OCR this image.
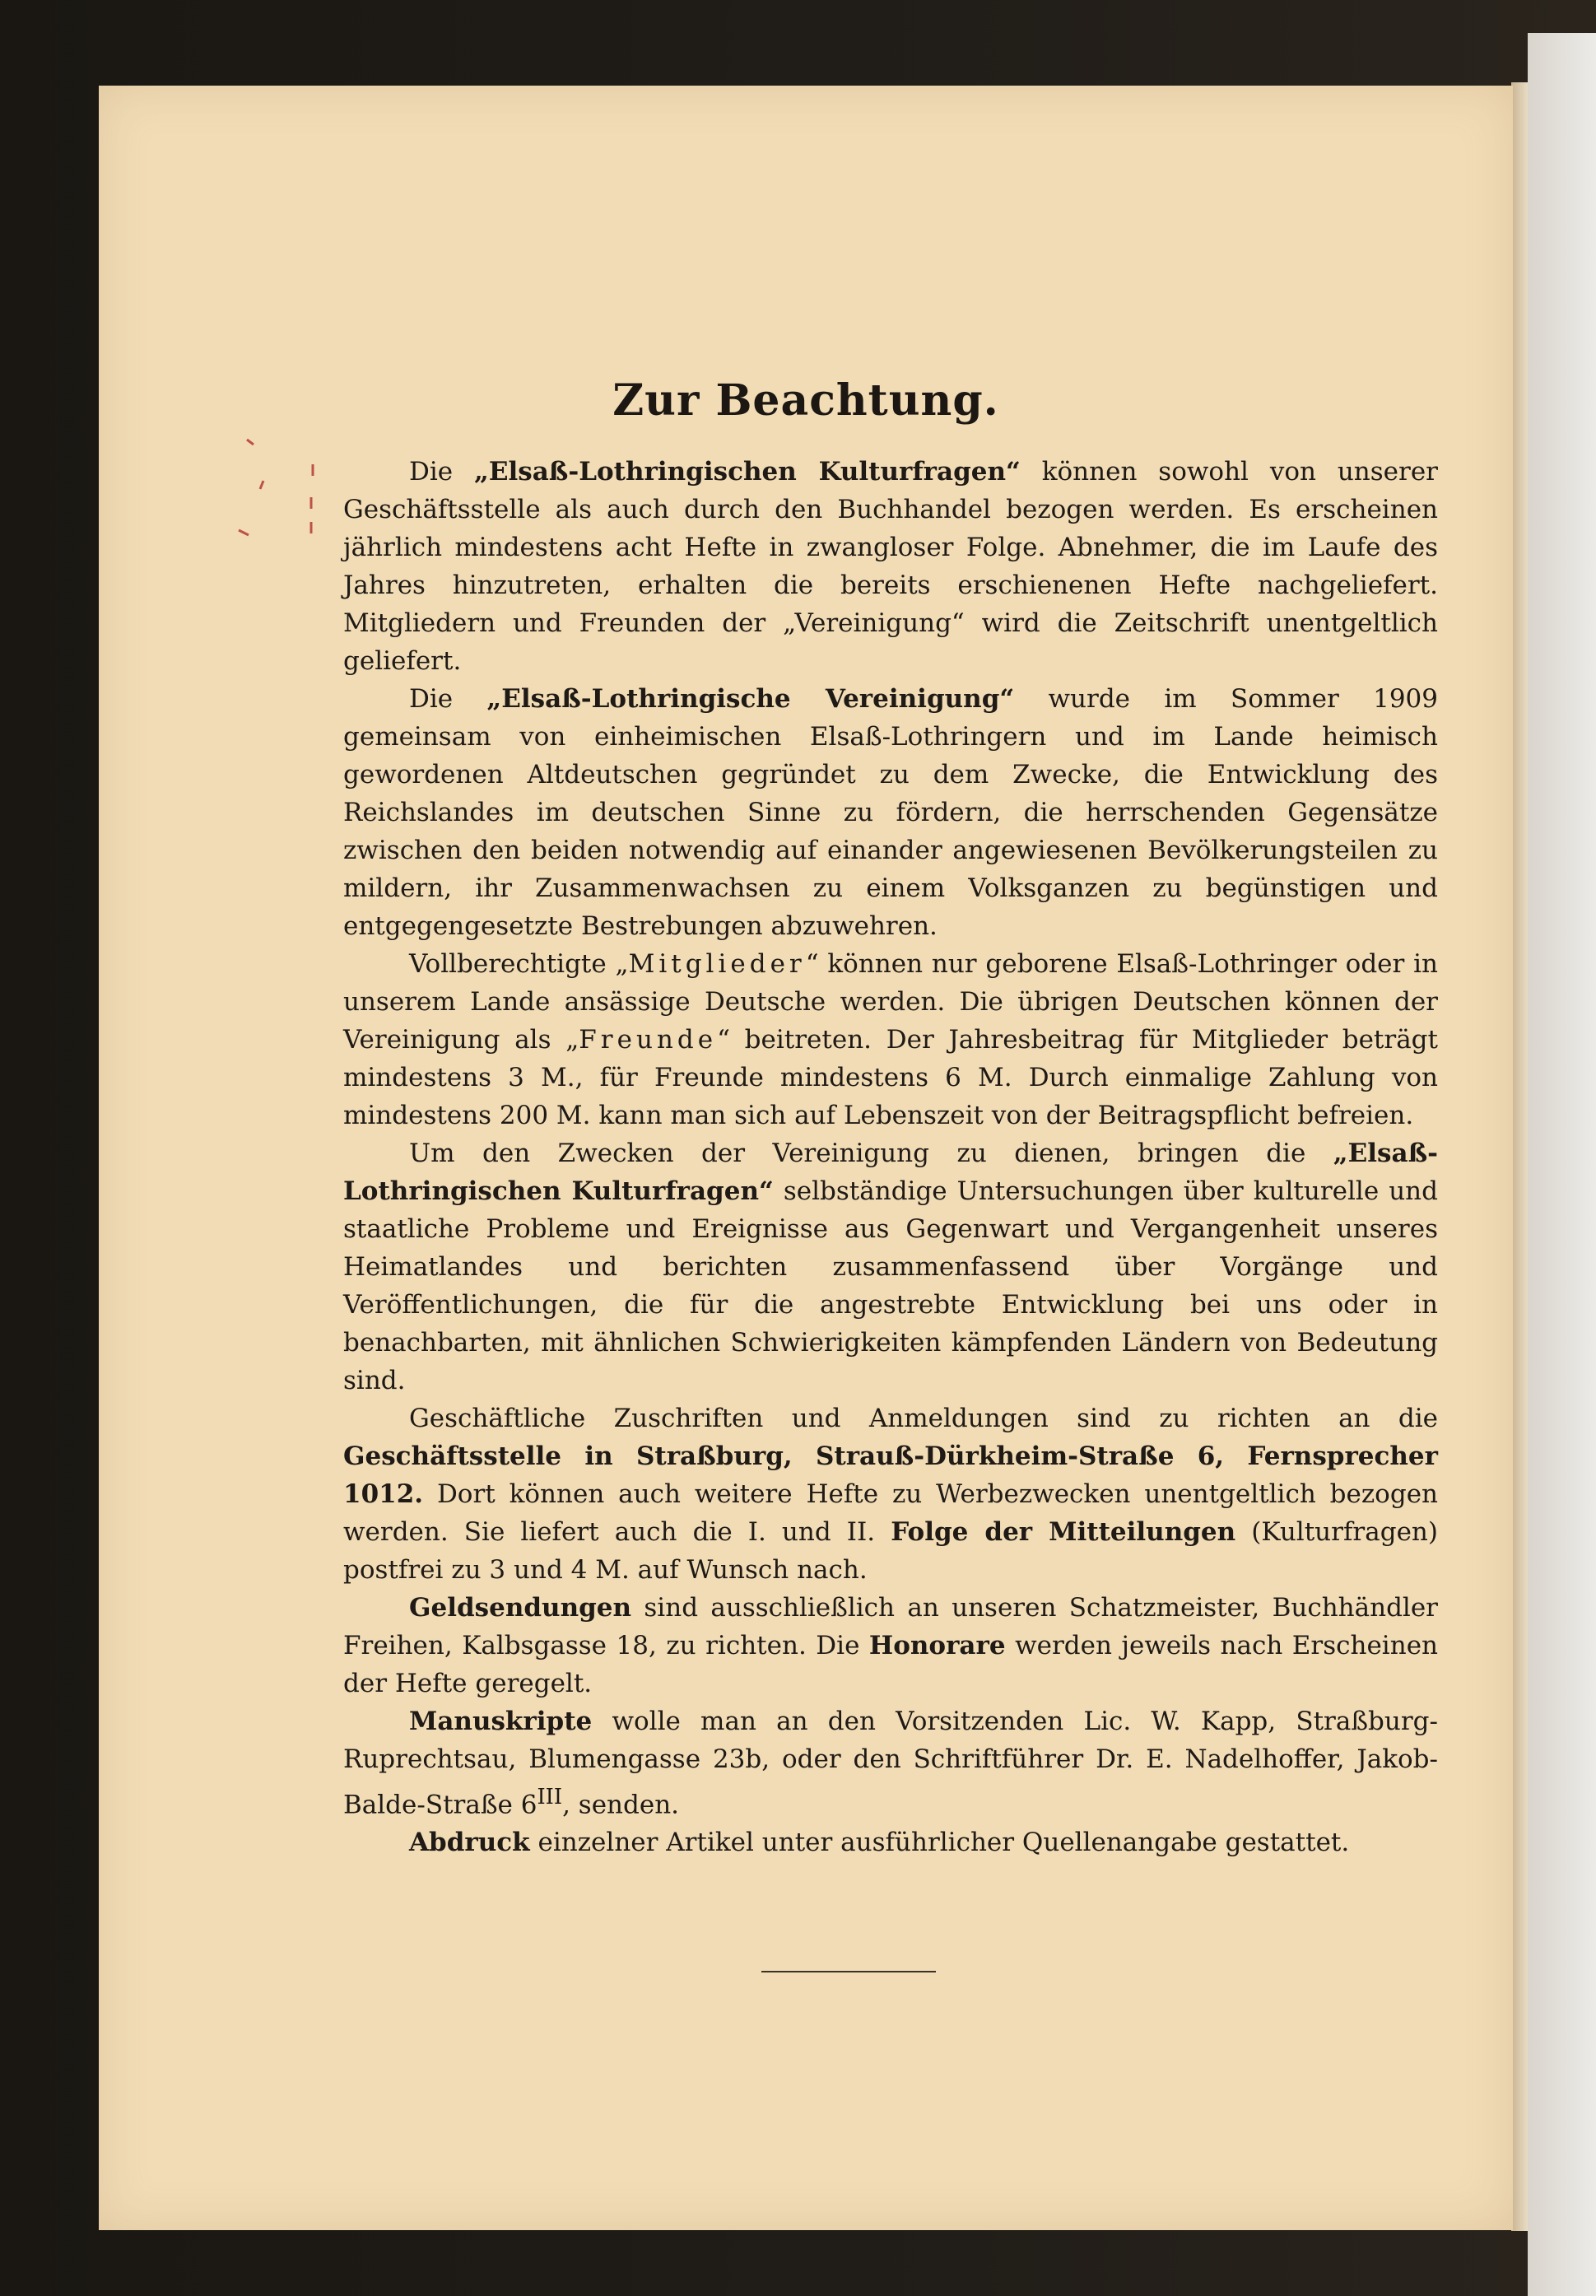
Zur Beachtung.

Die „Elsaß-Lothringischen Kulturfragen“ können sowohl von unserer Geschäftsstelle als auch durch den Buchhandel bezogen werden. Es erscheinen jährlich mindestens acht Hefte in zwangloser Folge. Abnehmer, die im Laufe des Jahres hinzutreten, erhalten die bereits erschienenen Hefte nachgeliefert. Mitgliedern und Freunden der „Vereinigung“ wird die Zeitschrift unentgeltlich geliefert.

Die „Elsaß-Lothringische Vereinigung“ wurde im Sommer 1909 gemeinsam von einheimischen Elsaß-Lothringern und im Lande heimisch gewordenen Altdeutschen gegründet zu dem Zwecke, die Entwicklung des Reichslandes im deutschen Sinne zu fördern, die herrschenden Gegensätze zwischen den beiden notwendig auf einander angewiesenen Bevölkerungsteilen zu mildern, ihr Zusammenwachsen zu einem Volksganzen zu begünstigen und entgegengesetzte Bestrebungen abzuwehren.

Vollberechtigte „Mitglieder“ können nur geborene Elsaß-Lothringer oder in unserem Lande ansässige Deutsche werden. Die übrigen Deutschen können der Vereinigung als „Freunde“ beitreten. Der Jahresbeitrag für Mitglieder beträgt mindestens 3 M., für Freunde mindestens 6 M. Durch einmalige Zahlung von mindestens 200 M. kann man sich auf Lebenszeit von der Beitragspflicht befreien.

Um den Zwecken der Vereinigung zu dienen, bringen die „Elsaß-Lothringischen Kulturfragen“ selbständige Untersuchungen über kulturelle und staatliche Probleme und Ereignisse aus Gegenwart und Vergangenheit unseres Heimatlandes und berichten zusammenfassend über Vorgänge und Veröffentlichungen, die für die angestrebte Entwicklung bei uns oder in benachbarten, mit ähnlichen Schwierigkeiten kämpfenden Ländern von Bedeutung sind.

Geschäftliche Zuschriften und Anmeldungen sind zu richten an die Geschäftsstelle in Straßburg, Strauß-Dürkheim-Straße 6, Fernsprecher 1012. Dort können auch weitere Hefte zu Werbezwecken unentgeltlich bezogen werden. Sie liefert auch die I. und II. Folge der Mitteilungen (Kulturfragen) postfrei zu 3 und 4 M. auf Wunsch nach.

Geldsendungen sind ausschließlich an unseren Schatzmeister, Buchhändler Freihen, Kalbsgasse 18, zu richten. Die Honorare werden jeweils nach Erscheinen der Hefte geregelt.

Manuskripte wolle man an den Vorsitzenden Lic. W. Kapp, Straßburg-Ruprechtsau, Blumengasse 23b, oder den Schriftführer Dr. E. Nadelhoffer, Jakob-Balde-Straße $6^{III}$, senden.

Abdruck einzelner Artikel unter ausführlicher Quellenangabe gestattet.
